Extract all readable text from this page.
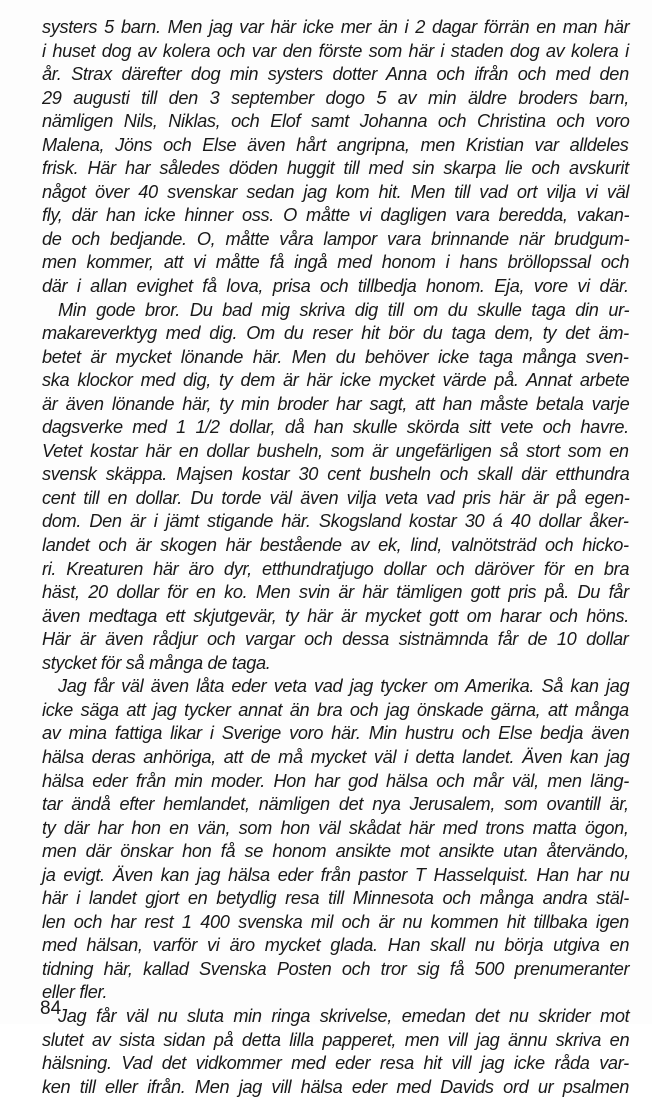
systers 5 barn. Men jag var här icke mer än i 2 dagar förrän en man här
i huset dog av kolera och var den förste som här i staden dog av kolera i
år. Strax därefter dog min systers dotter Anna och ifrån och med den
29 augusti till den 3 september dogo 5 av min äldre broders barn,
nämligen Nils, Niklas, och Elof samt Johanna och Christina och voro
Malena, Jöns och Else även hårt angripna, men Kristian var alldeles
frisk. Här har således döden huggit till med sin skarpa lie och avskurit
något över 40 svenskar sedan jag kom hit. Men till vad ort vilja vi väl
fly, där han icke hinner oss. O måtte vi dagligen vara beredda, vakan-
de och bedjande. O, måtte våra lampor vara brinnande när brudgum-
men kommer, att vi måtte få ingå med honom i hans bröllopssal och
där i allan evighet få lova, prisa och tillbedja honom. Eja, vore vi där.
Min gode bror. Du bad mig skriva dig till om du skulle taga din ur-
makareverktyg med dig. Om du reser hit bör du taga dem, ty det äm-
betet är mycket lönande här. Men du behöver icke taga många sven-
ska klockor med dig, ty dem är här icke mycket värde på. Annat arbete
är även lönande här, ty min broder har sagt, att han måste betala varje
dagsverke med 1 1/2 dollar, då han skulle skörda sitt vete och havre.
Vetet kostar här en dollar busheln, som är ungefärligen så stort som en
svensk skäppa. Majsen kostar 30 cent busheln och skall där etthundra
cent till en dollar. Du torde väl även vilja veta vad pris här är på egen-
dom. Den är i jämt stigande här. Skogsland kostar 30 á 40 dollar åker-
landet och är skogen här bestående av ek, lind, valnötsträd och hicko-
ri. Kreaturen här äro dyr, etthundratjugo dollar och däröver för en bra
häst, 20 dollar för en ko. Men svin är här tämligen gott pris på. Du får
även medtaga ett skjutgevär, ty här är mycket gott om harar och höns.
Här är även rådjur och vargar och dessa sistnämnda får de 10 dollar
stycket för så många de taga.
Jag får väl även låta eder veta vad jag tycker om Amerika. Så kan jag
icke säga att jag tycker annat än bra och jag önskade gärna, att många
av mina fattiga likar i Sverige voro här. Min hustru och Else bedja även
hälsa deras anhöriga, att de må mycket väl i detta landet. Även kan jag
hälsa eder från min moder. Hon har god hälsa och mår väl, men läng-
tar ändå efter hemlandet, nämligen det nya Jerusalem, som ovantill är,
ty där har hon en vän, som hon väl skådat här med trons matta ögon,
men där önskar hon få se honom ansikte mot ansikte utan återvändo,
ja evigt. Även kan jag hälsa eder från pastor T Hasselquist. Han har nu
här i landet gjort en betydlig resa till Minnesota och många andra stäl-
len och har rest 1 400 svenska mil och är nu kommen hit tillbaka igen
med hälsan, varför vi äro mycket glada. Han skall nu börja utgiva en
tidning här, kallad Svenska Posten och tror sig få 500 prenumeranter
eller fler.
Jag får väl nu sluta min ringa skrivelse, emedan det nu skrider mot
slutet av sista sidan på detta lilla papperet, men vill jag ännu skriva en
hälsning. Vad det vidkommer med eder resa hit vill jag icke råda var-
ken till eller ifrån. Men jag vill hälsa eder med Davids ord ur psalmen
84
